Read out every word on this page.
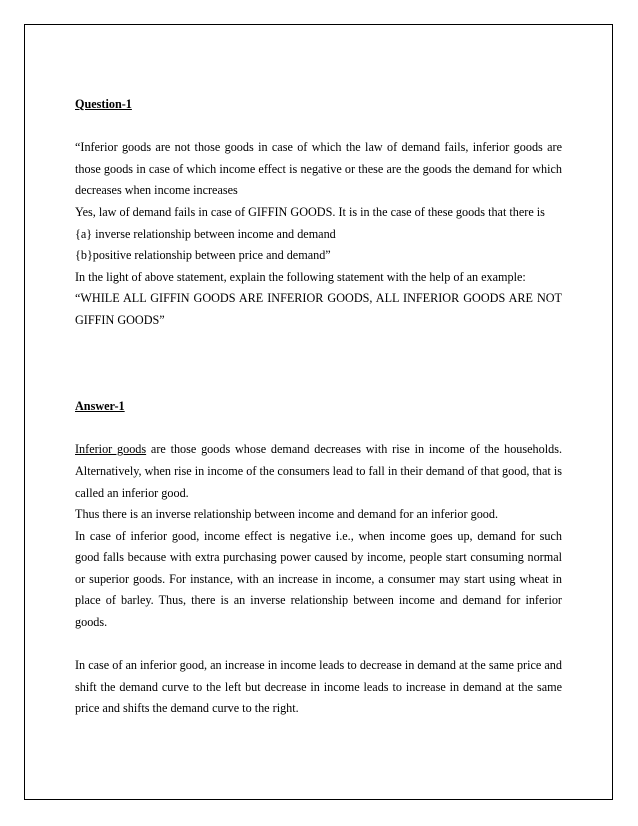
Question-1

“Inferior goods are not those goods in case of which the law of demand fails, inferior goods are those goods in case of which income effect is negative or these are the goods the demand for which decreases when income increases

Yes, law of demand fails in case of GIFFIN GOODS. It is in the case of these goods that there is

{a} inverse relationship between income and demand

{b}positive relationship between price and demand”

In the light of above statement, explain the following statement with the help of an example:

“WHILE ALL GIFFIN GOODS ARE INFERIOR GOODS, ALL INFERIOR GOODS ARE NOT GIFFIN GOODS”

Answer-1

Inferior goods are those goods whose demand decreases with rise in income of the households. Alternatively, when rise in income of the consumers lead to fall in their demand of that good, that is called an inferior good.

Thus there is an inverse relationship between income and demand for an inferior good.

In case of inferior good, income effect is negative i.e., when income goes up, demand for such good falls because with extra purchasing power caused by income, people start consuming normal or superior goods. For instance, with an increase in income, a consumer may start using wheat in place of barley. Thus, there is an inverse relationship between income and demand for inferior goods.

In case of an inferior good, an increase in income leads to decrease in demand at the same price and shift the demand curve to the left but decrease in income leads to increase in demand at the same price and shifts the demand curve to the right.
